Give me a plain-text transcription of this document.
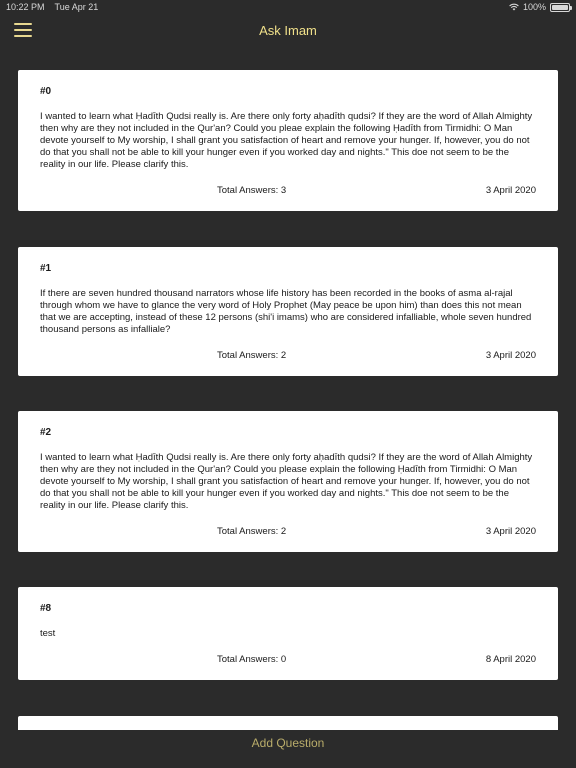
10:22 PM Tue Apr 21	100%
Ask Imam
#0
I wanted to learn what Ḥadīth Qudsi really is. Are there only forty aḥadīth qudsi? If they are the word of Allah Almighty then why are they not included in the Qur'an? Could you pleae explain the following Ḥadīth from Tirmidhi: O Man devote yourself to My worship, I shall grant you satisfaction of heart and remove your hunger. If, however, you do not do that you shall not be able to kill your hunger even if you worked day and nights." This doe not seem to be the reality in our life. Please clarify this.
Total Answers: 3	3 April 2020
#1
If there are seven hundred thousand narrators whose life history has been recorded in the books of asma al-rajal through whom we have to glance the very word of Holy Prophet (May peace be upon him) than does this not mean that we are accepting, instead of these 12 persons (shi'i imams) who are considered infalliable, whole seven hundred thousand persons as infalliale?
Total Answers: 2	3 April 2020
#2
I wanted to learn what Ḥadīth Qudsi really is. Are there only forty aḥadīth qudsi? If they are the word of Allah Almighty then why are they not included in the Qur'an? Could you please explain the following Ḥadīth from Tirmidhi: O Man devote yourself to My worship, I shall grant you satisfaction of heart and remove your hunger. If, however, you do not do that you shall not be able to kill your hunger even if you worked day and nights." This doe not seem to be the reality in our life. Please clarify this.
Total Answers: 2	3 April 2020
#8
test
Total Answers: 0	8 April 2020
Add Question
